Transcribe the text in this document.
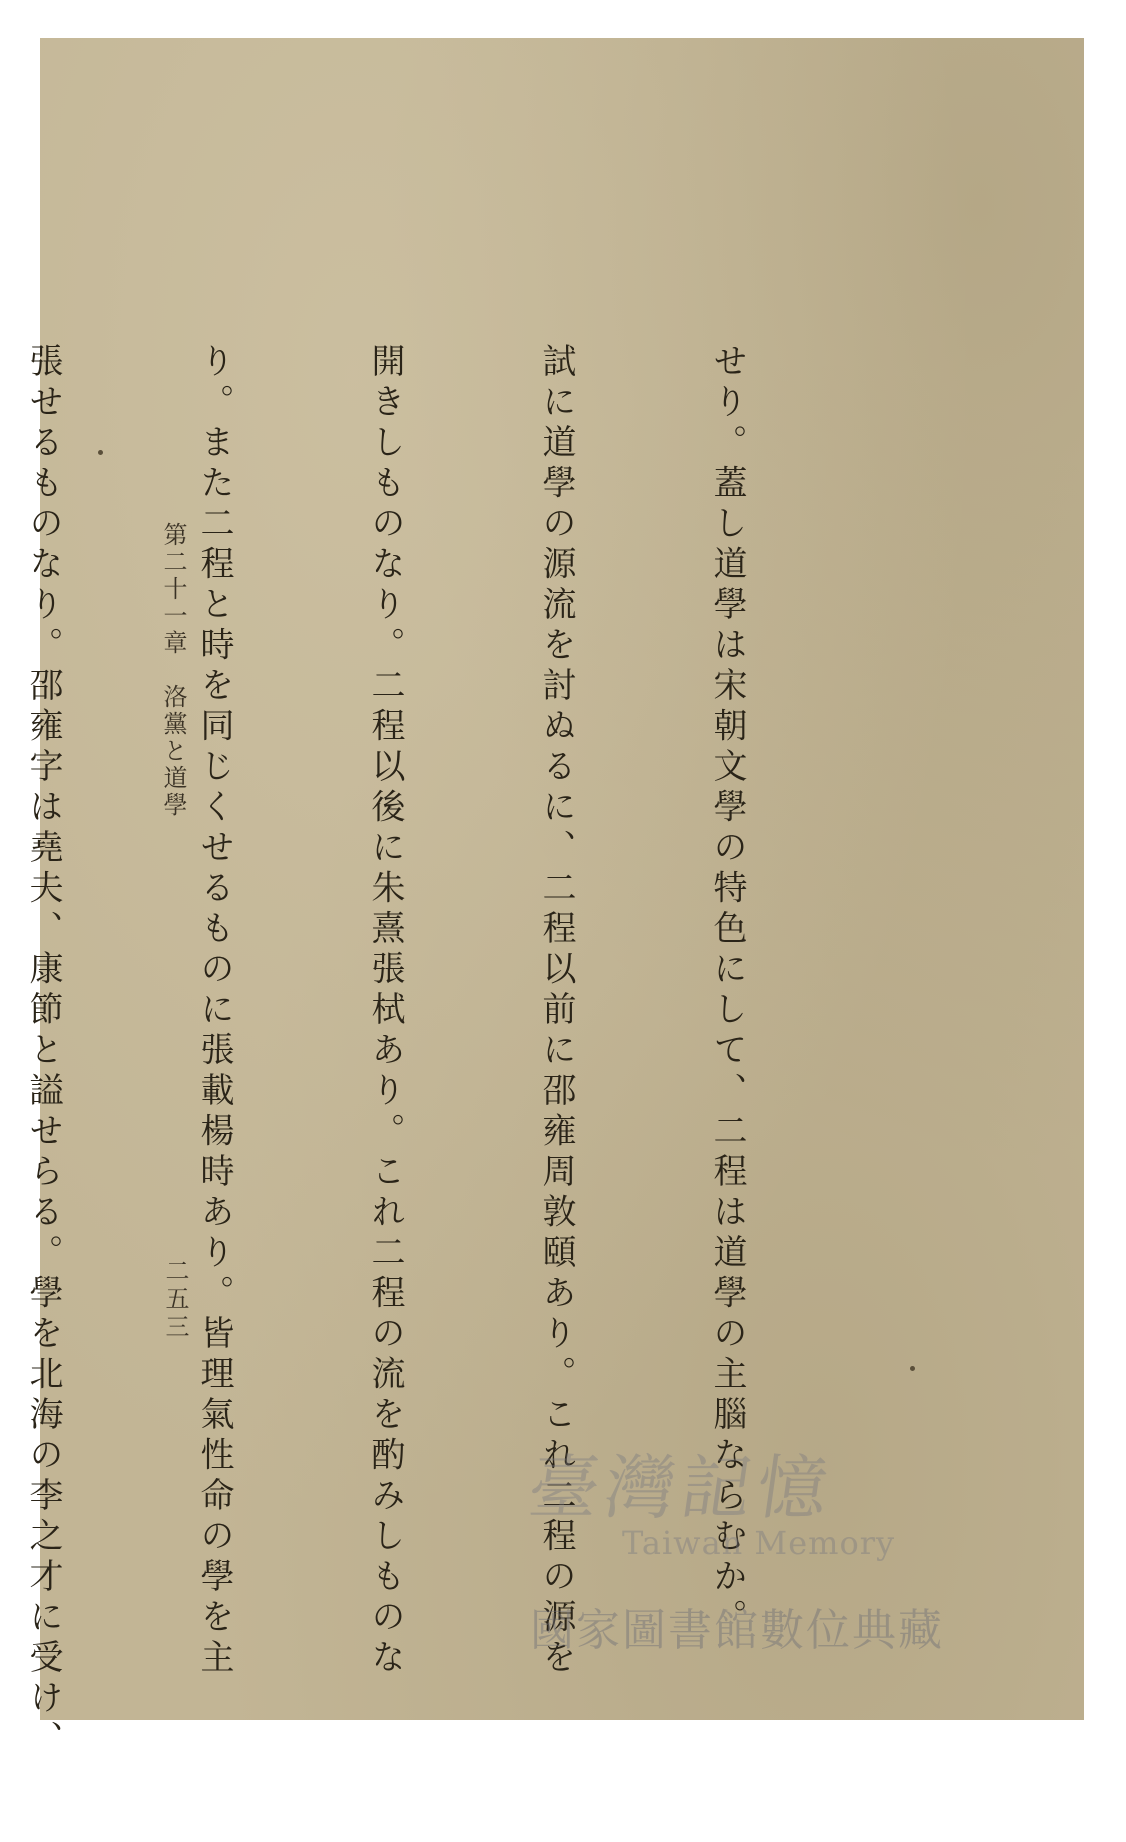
せり。蓋し道學は宋朝文學の特色にして、二程は道學の主腦ならむか。

試に道學の源流を討ぬるに、二程以前に邵雍周敦頤あり。これ二程の源を

開きしものなり。二程以後に朱熹張栻あり。これ二程の流を酌みしものな

り。また二程と時を同じくせるものに張載楊時あり。皆理氣性命の學を主

張せるものなり。邵雍字は堯夫、康節と謚せらる。學を北海の李之才に受け、

	第二十一章　洛黨と道學
二五三
臺灣記憶
Taiwan Memory
國家圖書館數位典藏
